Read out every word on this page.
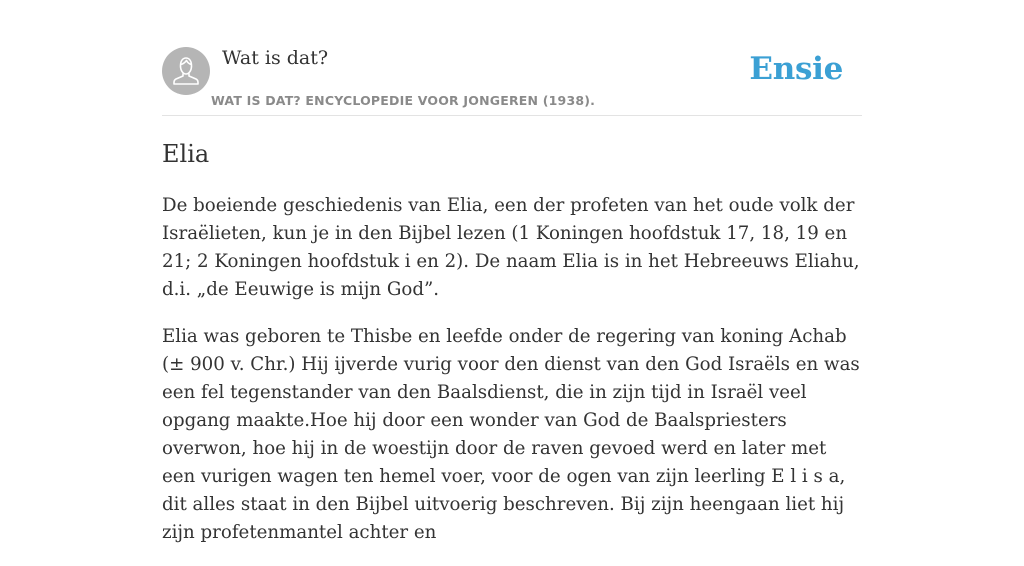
Wat is dat?
WAT IS DAT? ENCYCLOPEDIE VOOR JONGEREN (1938).
Ensie
Elia

De boeiende geschiedenis van Elia, een der profeten van het oude volk der Israëlieten, kun je in den Bijbel lezen (1 Koningen hoofdstuk 17, 18, 19 en 21; 2 Koningen hoofdstuk i en 2). De naam Elia is in het Hebreeuws Eliahu, d.i. „de Eeuwige is mijn God”.

Elia was geboren te Thisbe en leefde onder de regering van koning Achab (± 900 v. Chr.) Hij ijverde vurig voor den dienst van den God Israëls en was een fel tegenstander van den Baalsdienst, die in zijn tijd in Israël veel opgang maakte.Hoe hij door een wonder van God de Baalspriesters overwon, hoe hij in de woestijn door de raven gevoed werd en later met een vurigen wagen ten hemel voer, voor de ogen van zijn leerling E l i s a, dit alles staat in den Bijbel uitvoerig beschreven. Bij zijn heengaan liet hij zijn profetenmantel achter en
